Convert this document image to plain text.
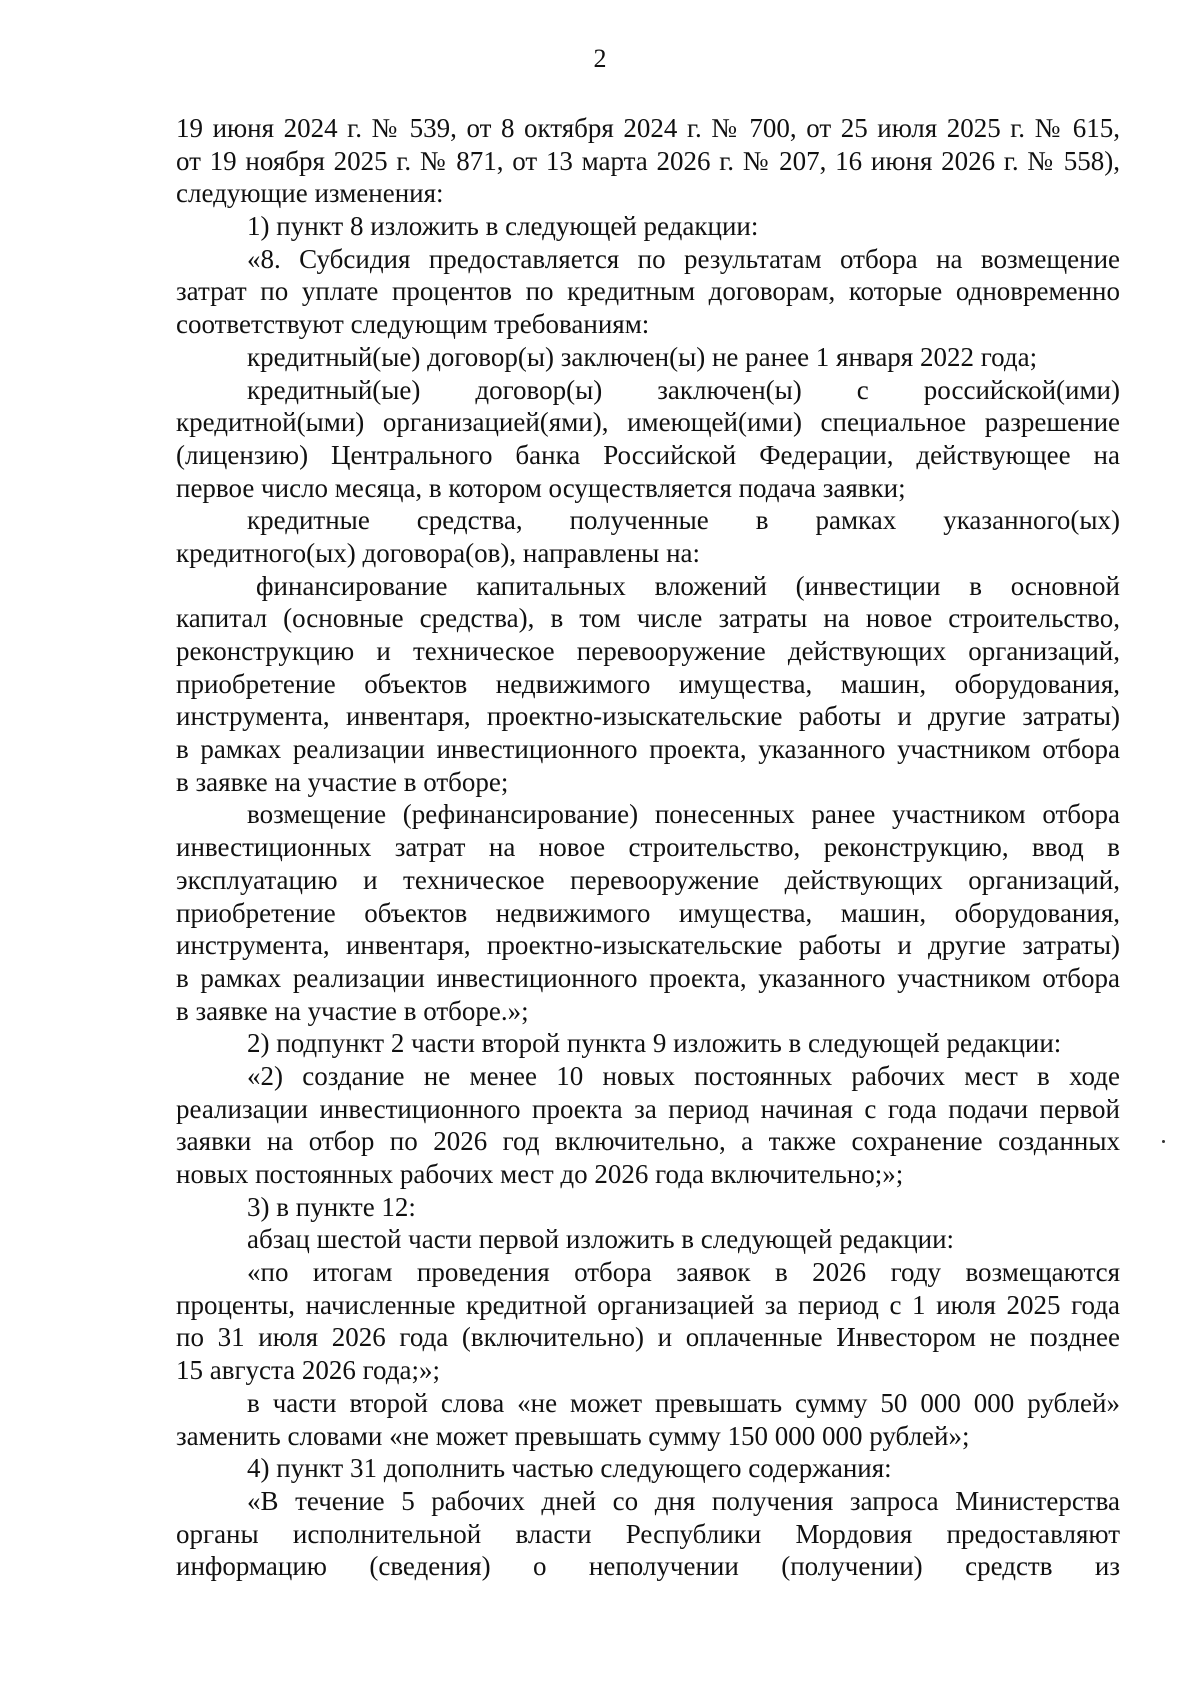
2
19 июня 2024 г. № 539, от 8 октября 2024 г. № 700, от 25 июля 2025 г. № 615,
от 19 ноября 2025 г. № 871, от 13 марта 2026 г. № 207, 16 июня 2026 г. № 558),
следующие изменения:
1) пункт 8 изложить в следующей редакции:
«8. Субсидия предоставляется по результатам отбора на возмещение
затрат по уплате процентов по кредитным договорам, которые одновременно
соответствуют следующим требованиям:
кредитный(ые) договор(ы) заключен(ы) не ранее 1 января 2022 года;
кредитный(ые) договор(ы) заключен(ы) с российской(ими)
кредитной(ыми) организацией(ями), имеющей(ими) специальное разрешение
(лицензию) Центрального банка Российской Федерации, действующее на
первое число месяца, в котором осуществляется подача заявки;
кредитные средства, полученные в рамках указанного(ых)
кредитного(ых) договора(ов), направлены на:
финансирование капитальных вложений (инвестиции в основной
капитал (основные средства), в том числе затраты на новое строительство,
реконструкцию и техническое перевооружение действующих организаций,
приобретение объектов недвижимого имущества, машин, оборудования,
инструмента, инвентаря, проектно-изыскательские работы и другие затраты)
в рамках реализации инвестиционного проекта, указанного участником отбора
в заявке на участие в отборе;
возмещение (рефинансирование) понесенных ранее участником отбора
инвестиционных затрат на новое строительство, реконструкцию, ввод в
эксплуатацию и техническое перевооружение действующих организаций,
приобретение объектов недвижимого имущества, машин, оборудования,
инструмента, инвентаря, проектно-изыскательские работы и другие затраты)
в рамках реализации инвестиционного проекта, указанного участником отбора
в заявке на участие в отборе.»;
2) подпункт 2 части второй пункта 9 изложить в следующей редакции:
«2) создание не менее 10 новых постоянных рабочих мест в ходе
реализации инвестиционного проекта за период начиная с года подачи первой
заявки на отбор по 2026 год включительно, а также сохранение созданных
новых постоянных рабочих мест до 2026 года включительно;»;
3) в пункте 12:
абзац шестой части первой изложить в следующей редакции:
«по итогам проведения отбора заявок в 2026 году возмещаются
проценты, начисленные кредитной организацией за период с 1 июля 2025 года
по 31 июля 2026 года (включительно) и оплаченные Инвестором не позднее
15 августа 2026 года;»;
в части второй слова «не может превышать сумму 50 000 000 рублей»
заменить словами «не может превышать сумму 150 000 000 рублей»;
4) пункт 31 дополнить частью следующего содержания:
«В течение 5 рабочих дней со дня получения запроса Министерства
органы исполнительной власти Республики Мордовия предоставляют
информацию (сведения) о неполучении (получении) средств из
